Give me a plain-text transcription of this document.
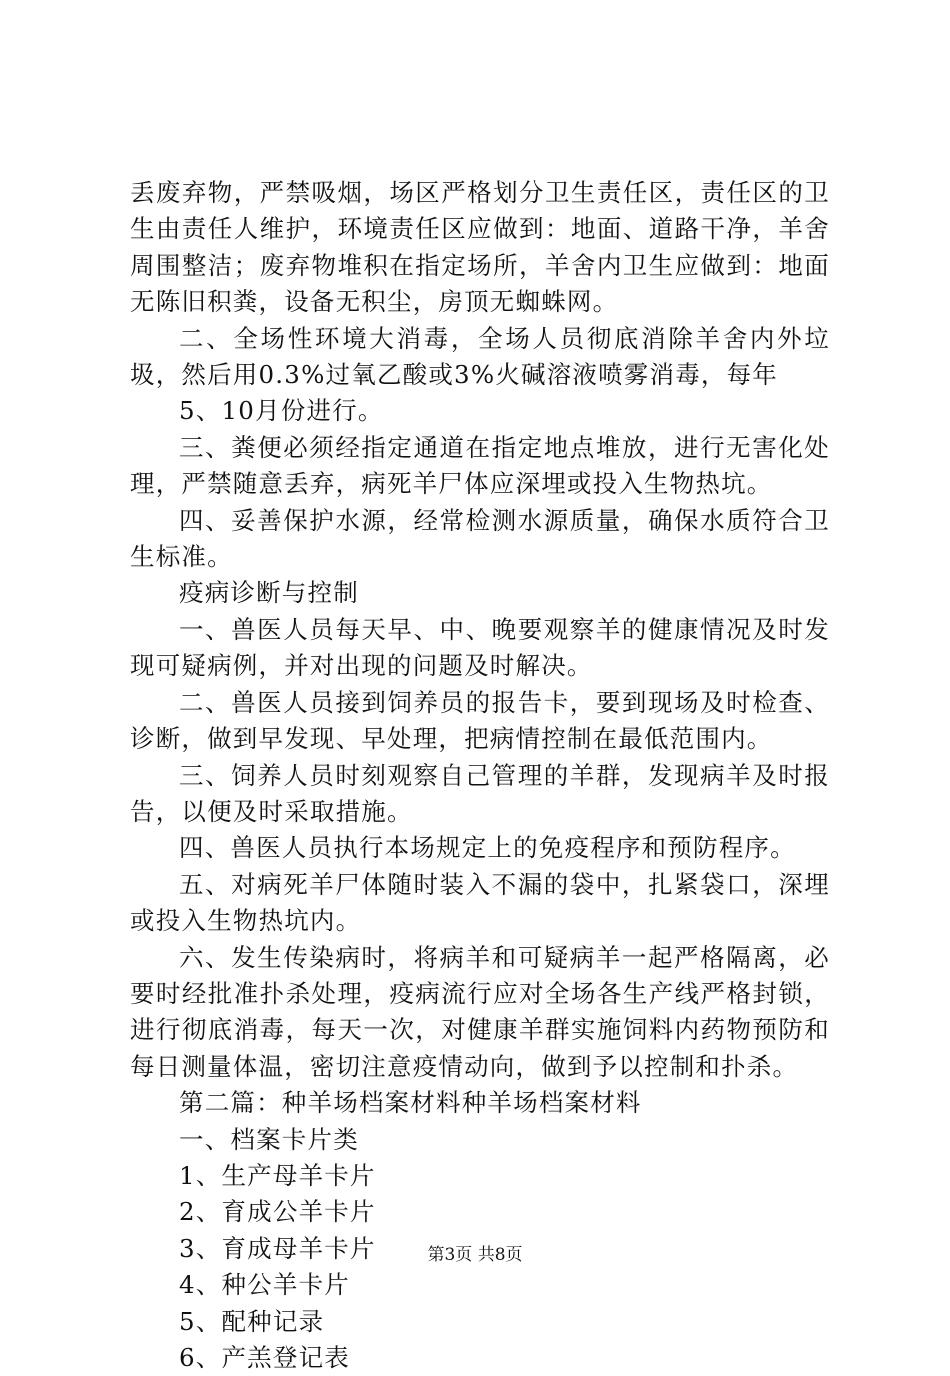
丢废弃物，严禁吸烟，场区严格划分卫生责任区，责任区的卫生由责任人维护，环境责任区应做到：地面、道路干净，羊舍周围整洁；废弃物堆积在指定场所，羊舍内卫生应做到：地面无陈旧积粪，设备无积尘，房顶无蜘蛛网。

二、全场性环境大消毒，全场人员彻底消除羊舍内外垃圾，然后用0.3%过氧乙酸或3%火碱溶液喷雾消毒，每年

5、10月份进行。

三、粪便必须经指定通道在指定地点堆放，进行无害化处理，严禁随意丢弃，病死羊尸体应深埋或投入生物热坑。

四、妥善保护水源，经常检测水源质量，确保水质符合卫生标准。

疫病诊断与控制

一、兽医人员每天早、中、晚要观察羊的健康情况及时发现可疑病例，并对出现的问题及时解决。

二、兽医人员接到饲养员的报告卡，要到现场及时检查、诊断，做到早发现、早处理，把病情控制在最低范围内。

三、饲养人员时刻观察自己管理的羊群，发现病羊及时报告，以便及时采取措施。

四、兽医人员执行本场规定上的免疫程序和预防程序。

五、对病死羊尸体随时装入不漏的袋中，扎紧袋口，深埋或投入生物热坑内。

六、发生传染病时，将病羊和可疑病羊一起严格隔离，必要时经批准扑杀处理，疫病流行应对全场各生产线严格封锁，进行彻底消毒，每天一次，对健康羊群实施饲料内药物预防和每日测量体温，密切注意疫情动向，做到予以控制和扑杀。

第二篇：种羊场档案材料种羊场档案材料

一、档案卡片类

1、生产母羊卡片

2、育成公羊卡片

3、育成母羊卡片

4、种公羊卡片

5、配种记录

6、产羔登记表

第3页 共8页
